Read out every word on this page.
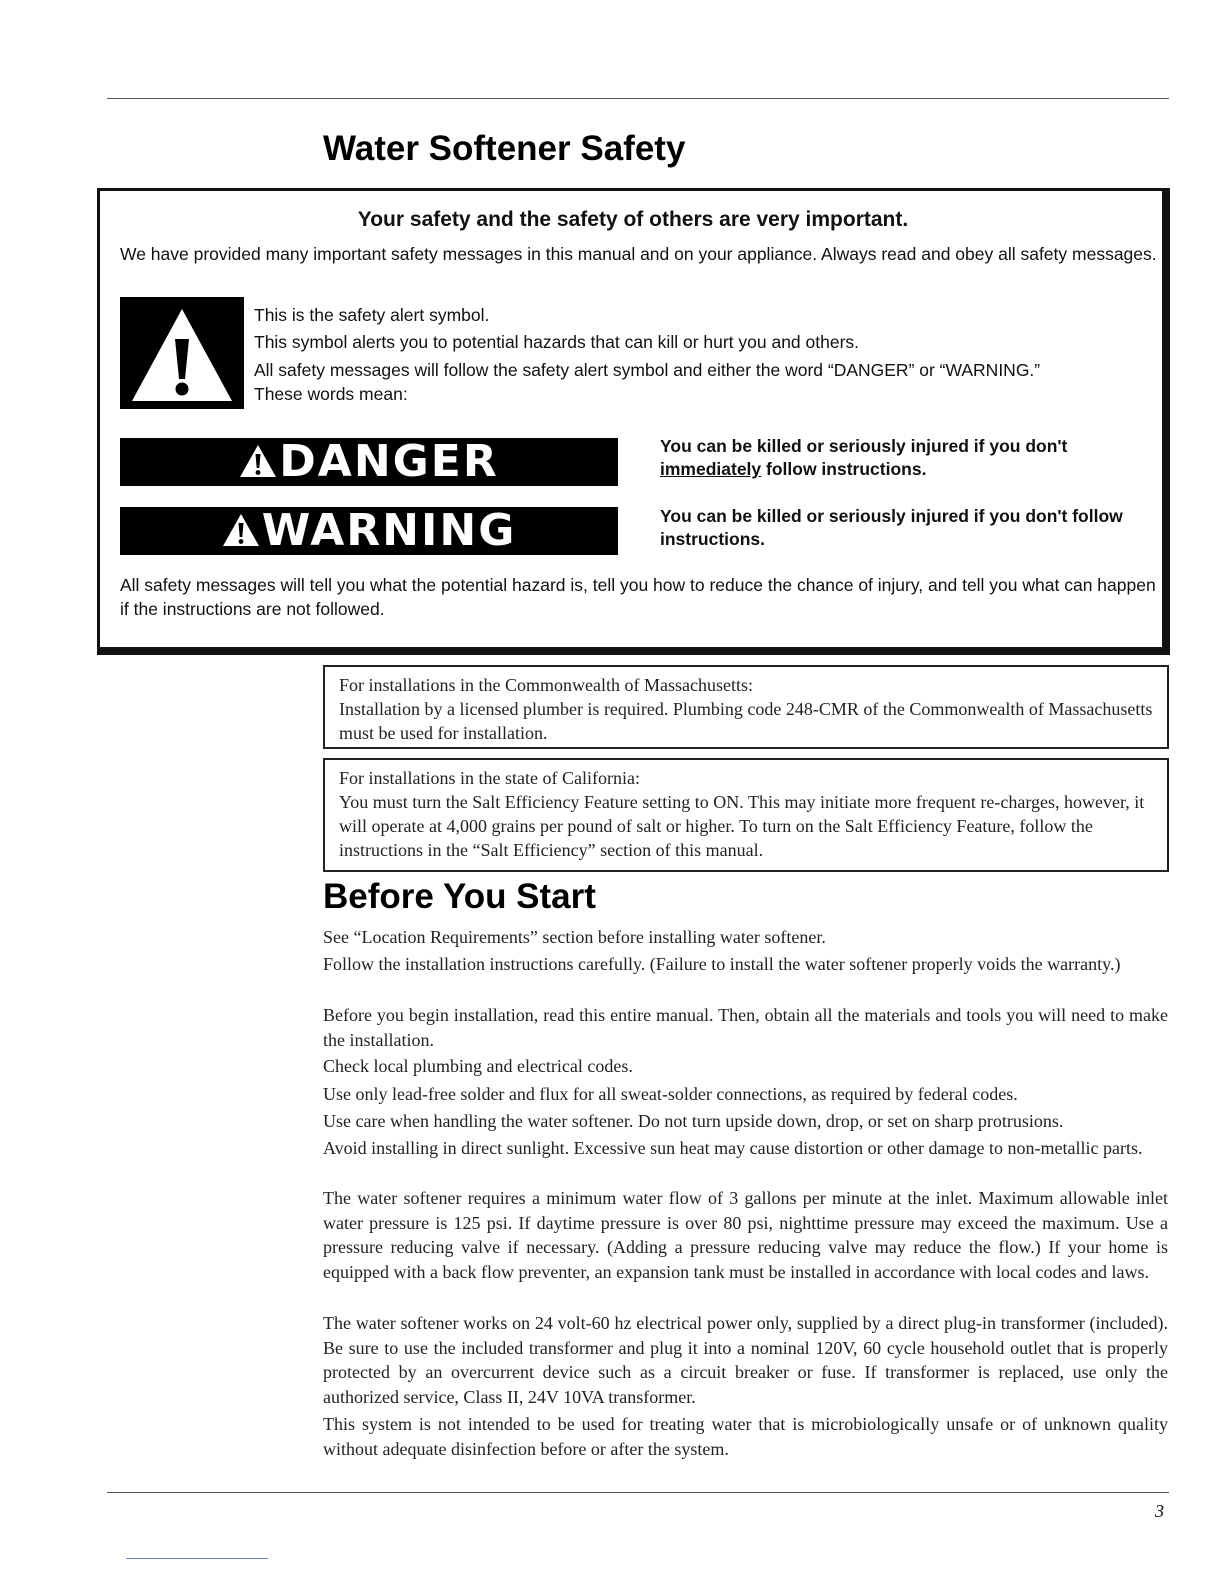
Water Softener Safety
Your safety and the safety of others are very important.
We have provided many important safety messages in this manual and on your appliance. Always read and obey all safety messages.
This is the safety alert symbol.
This symbol alerts you to potential hazards that can kill or hurt you and others.
All safety messages will follow the safety alert symbol and either the word “DANGER” or “WARNING.” These words mean:
DANGER	You can be killed or seriously injured if you don't
immediately follow instructions.
WARNING	You can be killed or seriously injured if you don't follow instructions.
All safety messages will tell you what the potential hazard is, tell you how to reduce the chance of injury, and tell you what can happen if the instructions are not followed.

For installations in the Commonwealth of Massachusetts:

Installation by a licensed plumber is required. Plumbing code 248-CMR of the Commonwealth of Massachusetts must be used for installation.

For installations in the state of California:

You must turn the Salt Efficiency Feature setting to ON. This may initiate more frequent re-charges, however, it will operate at 4,000 grains per pound of salt or higher. To turn on the Salt Efficiency Feature, follow the instructions in the “Salt Efficiency” section of this manual.

Before You Start

See “Location Requirements” section before installing water softener.

Follow the installation instructions carefully. (Failure to install the water softener properly voids the warranty.)

Before you begin installation, read this entire manual. Then, obtain all the materials and tools you will need to make the installation.

Check local plumbing and electrical codes.

Use only lead-free solder and flux for all sweat-solder connections, as required by federal codes.

Use care when handling the water softener. Do not turn upside down, drop, or set on sharp protrusions.

Avoid installing in direct sunlight. Excessive sun heat may cause distortion or other damage to non-metallic parts.

The water softener requires a minimum water flow of 3 gallons per minute at the inlet. Maximum allowable inlet water pressure is 125 psi. If daytime pressure is over 80 psi, nighttime pressure may exceed the maximum. Use a pressure reducing valve if necessary. (Adding a pressure reducing valve may reduce the flow.) If your home is equipped with a back flow preventer, an expansion tank must be installed in accordance with local codes and laws.

The water softener works on 24 volt-60 hz electrical power only, supplied by a direct plug-in transformer (included). Be sure to use the included transformer and plug it into a nominal 120V, 60 cycle household outlet that is properly protected by an overcurrent device such as a circuit breaker or fuse. If transformer is replaced, use only the authorized service, Class II, 24V 10VA transformer.

This system is not intended to be used for treating water that is microbiologically unsafe or of unknown quality without adequate disinfection before or after the system.

3
